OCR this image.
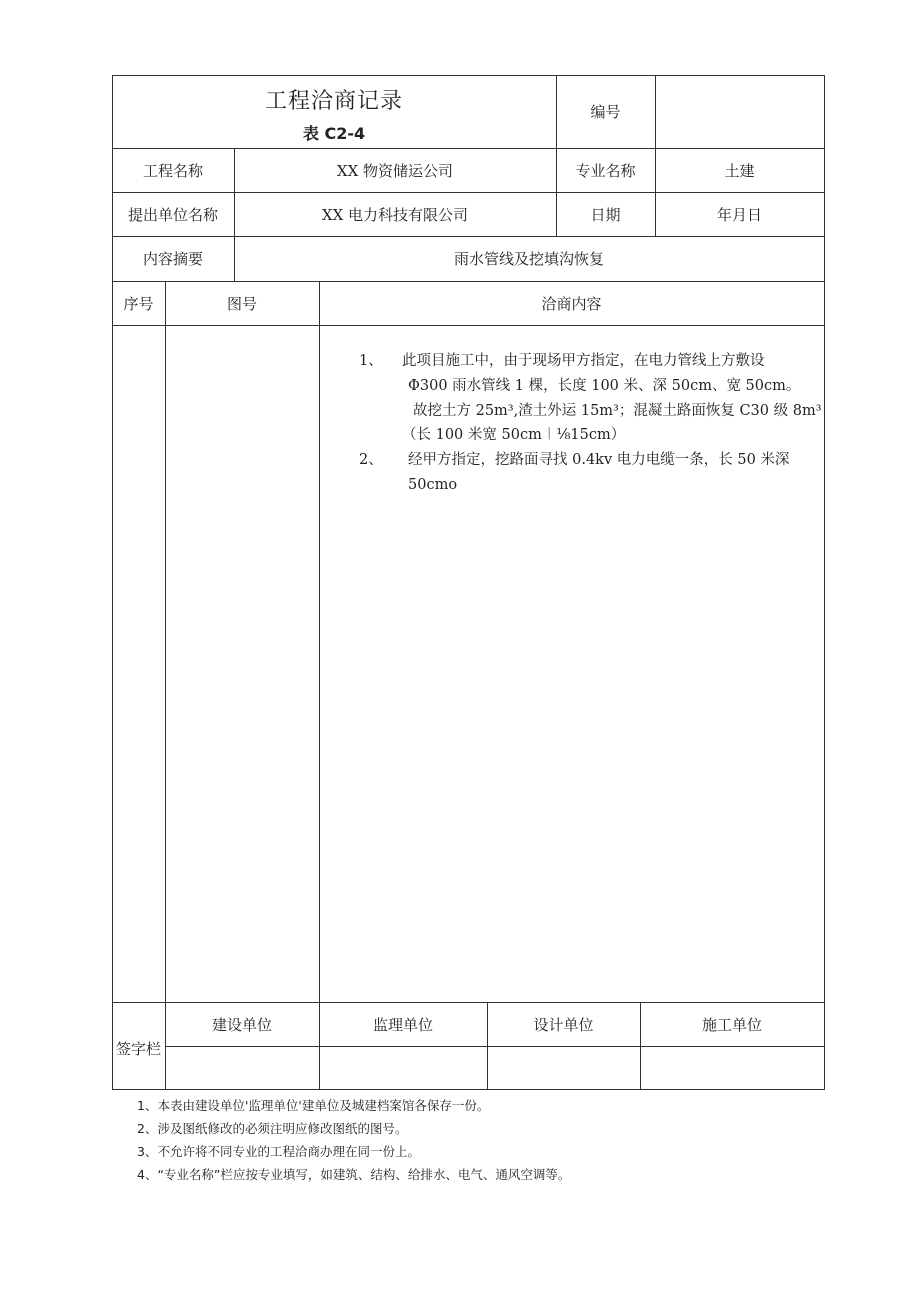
工程洽商记录
表 C2-4
编号
工程名称	XX 物资储运公司	专业名称	土建
提出单位名称	XX 电力科技有限公司	日期	年月日
内容摘要	雨水管线及挖填沟恢复
序号	图号	洽商内容
1、 此项目施工中，由于现场甲方指定，在电力管线上方敷设
Φ300 雨水管线 1 棵，长度 100 米、深 50cm、宽 50cm。
故挖土方 25m³,渣土外运 15m³；混凝土路面恢复 C30 级 8m³
（长 100 米宽 50cm︱⅛15cm）
2、 经甲方指定，挖路面寻找 0.4kv 电力电缆一条，长 50 米深
50cmo
签字栏
建设单位	监理单位	设计单位	施工单位
1、本表由建设单位'监理单位'建单位及城建档案馆各保存一份。
2、涉及图纸修改的必须注明应修改图纸的图号。
3、不允许将不同专业的工程洽商办理在同一份上。
4、“专业名称”栏应按专业填写，如建筑、结构、给排水、电气、通风空调等。
